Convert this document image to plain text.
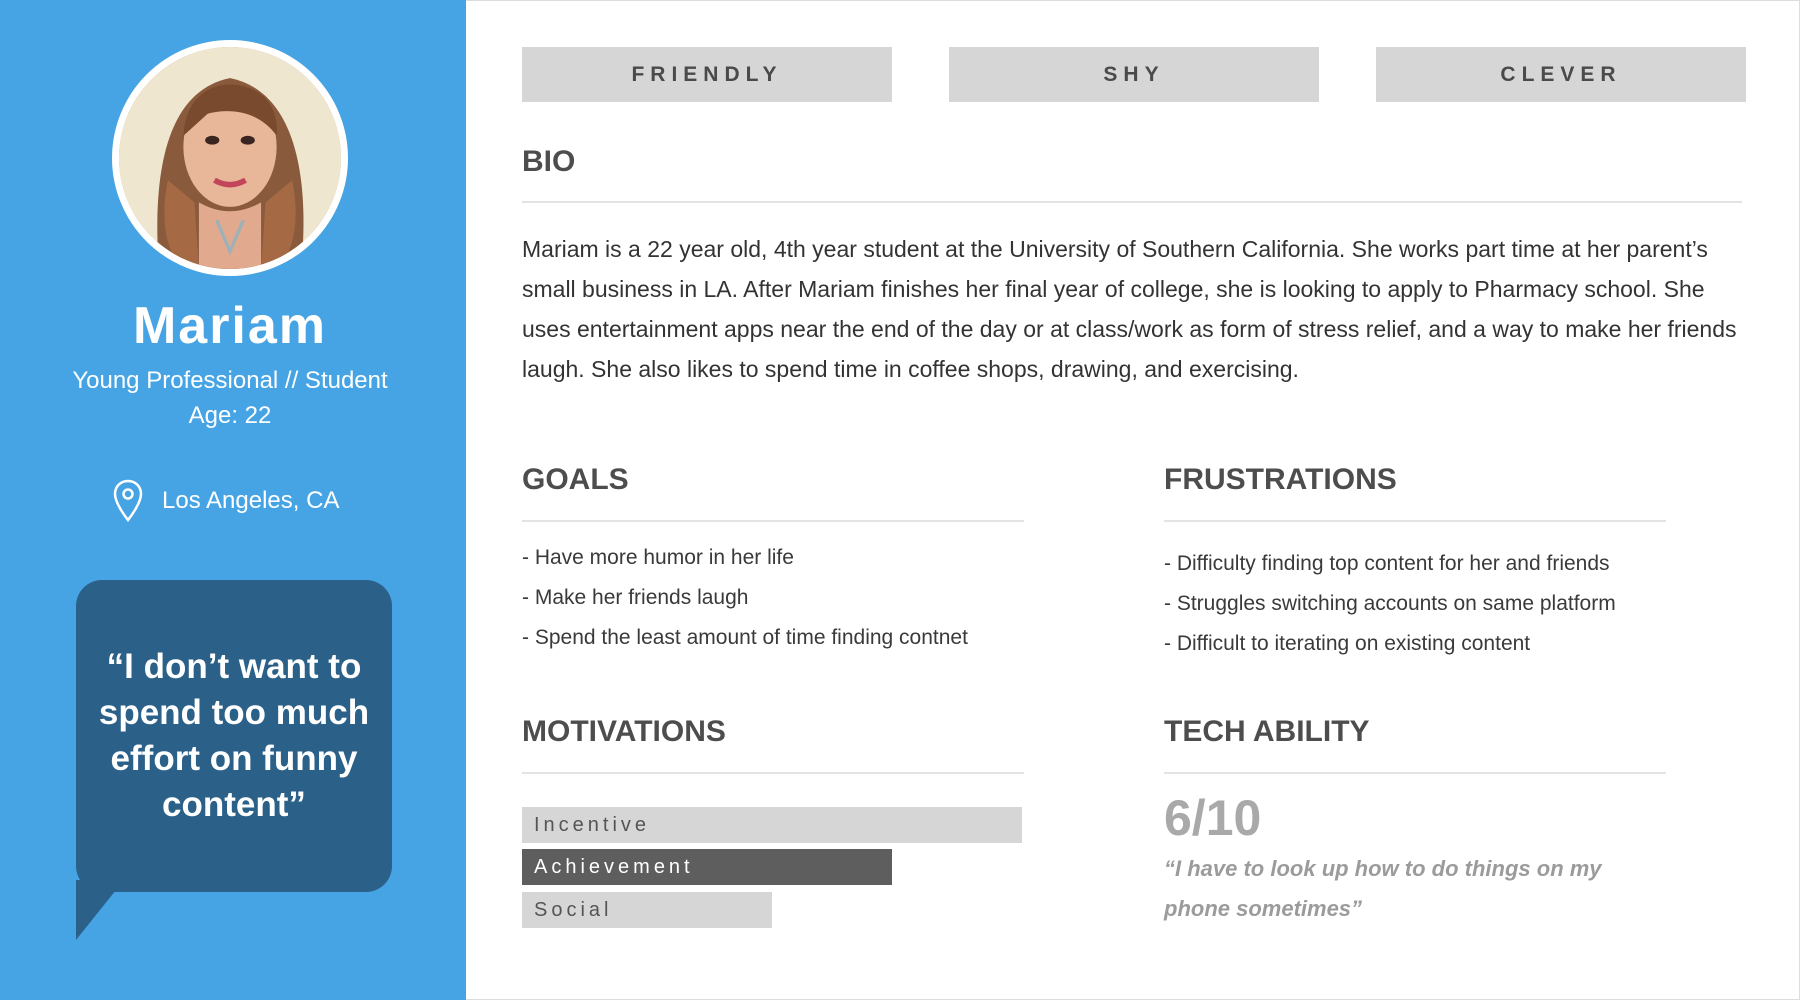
Mariam
Young Professional // Student
Age: 22
Los Angeles, CA
“I don’t want to spend too much effort on funny content”
FRIENDLY	SHY	CLEVER
BIO

Mariam is a 22 year old, 4th year student at the University of Southern California. She works part time at her parent’s small business in LA. After Mariam finishes her final year of college, she is looking to apply to Pharmacy school. She uses entertainment apps near the end of the day or at class/work as form of stress relief, and a way to make her friends laugh. She also likes to spend time in coffee shops, drawing, and exercising.

GOALS
- Have more humor in her life
- Make her friends laugh
- Spend the least amount of time finding contnet
FRUSTRATIONS
- Difficulty finding top content for her and friends
- Struggles switching accounts on same platform
- Difficult to iterating on existing content
MOTIVATIONS
Incentive
Achievement
Social
TECH ABILITY
6/10
“I have to look up how to do things on my phone sometimes”
